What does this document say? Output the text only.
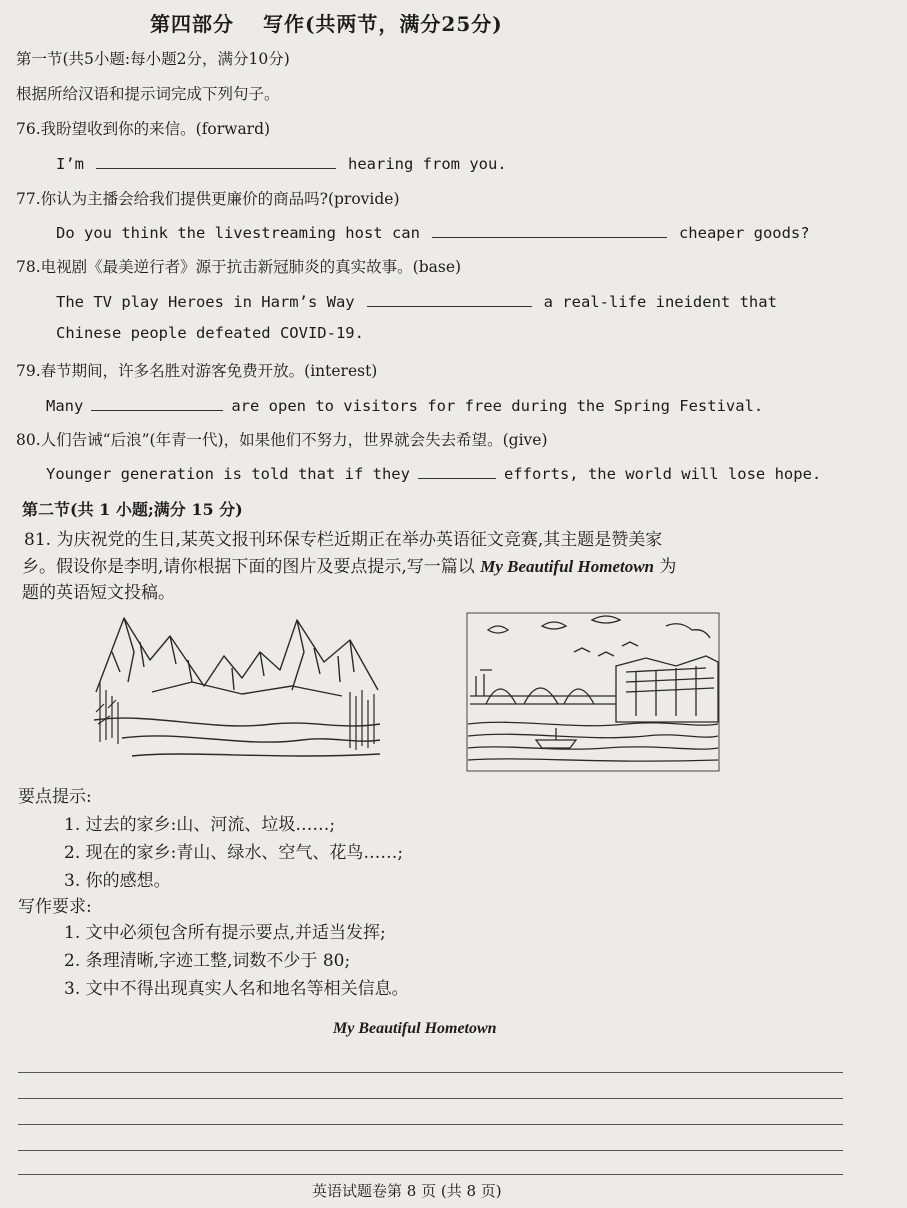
第四部分　 写作(共两节，满分25分)
第一节(共5小题:每小题2分，满分10分)
根据所给汉语和提示词完成下列句子。
76.我盼望收到你的来信。(forward)
I’m	hearing from you.
77.你认为主播会给我们提供更廉价的商品吗?(provide)
Do you think the livestreaming host can	cheaper goods?
78.电视剧《最美逆行者》源于抗击新冠肺炎的真实故事。(base)
The TV play Heroes in Harm’s Way	a real-life ineident that
Chinese people defeated COVID-19.
79.春节期间，许多名胜对游客免费开放。(interest)
Many	are open to visitors for free during the Spring Festival.
80.人们告诫“后浪”(年青一代)，如果他们不努力，世界就会失去希望。(give)
Younger generation is told that if they	efforts, the world will lose hope.
第二节(共 1 小题;满分 15 分)
81. 为庆祝党的生日,某英文报刊环保专栏近期正在举办英语征文竞赛,其主题是赞美家
乡。假设你是李明,请你根据下面的图片及要点提示,写一篇以 My Beautiful Hometown 为
题的英语短文投稿。
要点提示:
1. 过去的家乡:山、河流、垃圾……;
2. 现在的家乡:青山、绿水、空气、花鸟……;
3. 你的感想。
写作要求:
1. 文中必须包含所有提示要点,并适当发挥;
2. 条理清晰,字迹工整,词数不少于 80;
3. 文中不得出现真实人名和地名等相关信息。
My Beautiful Hometown
英语试题卷第 8 页 (共 8 页)
